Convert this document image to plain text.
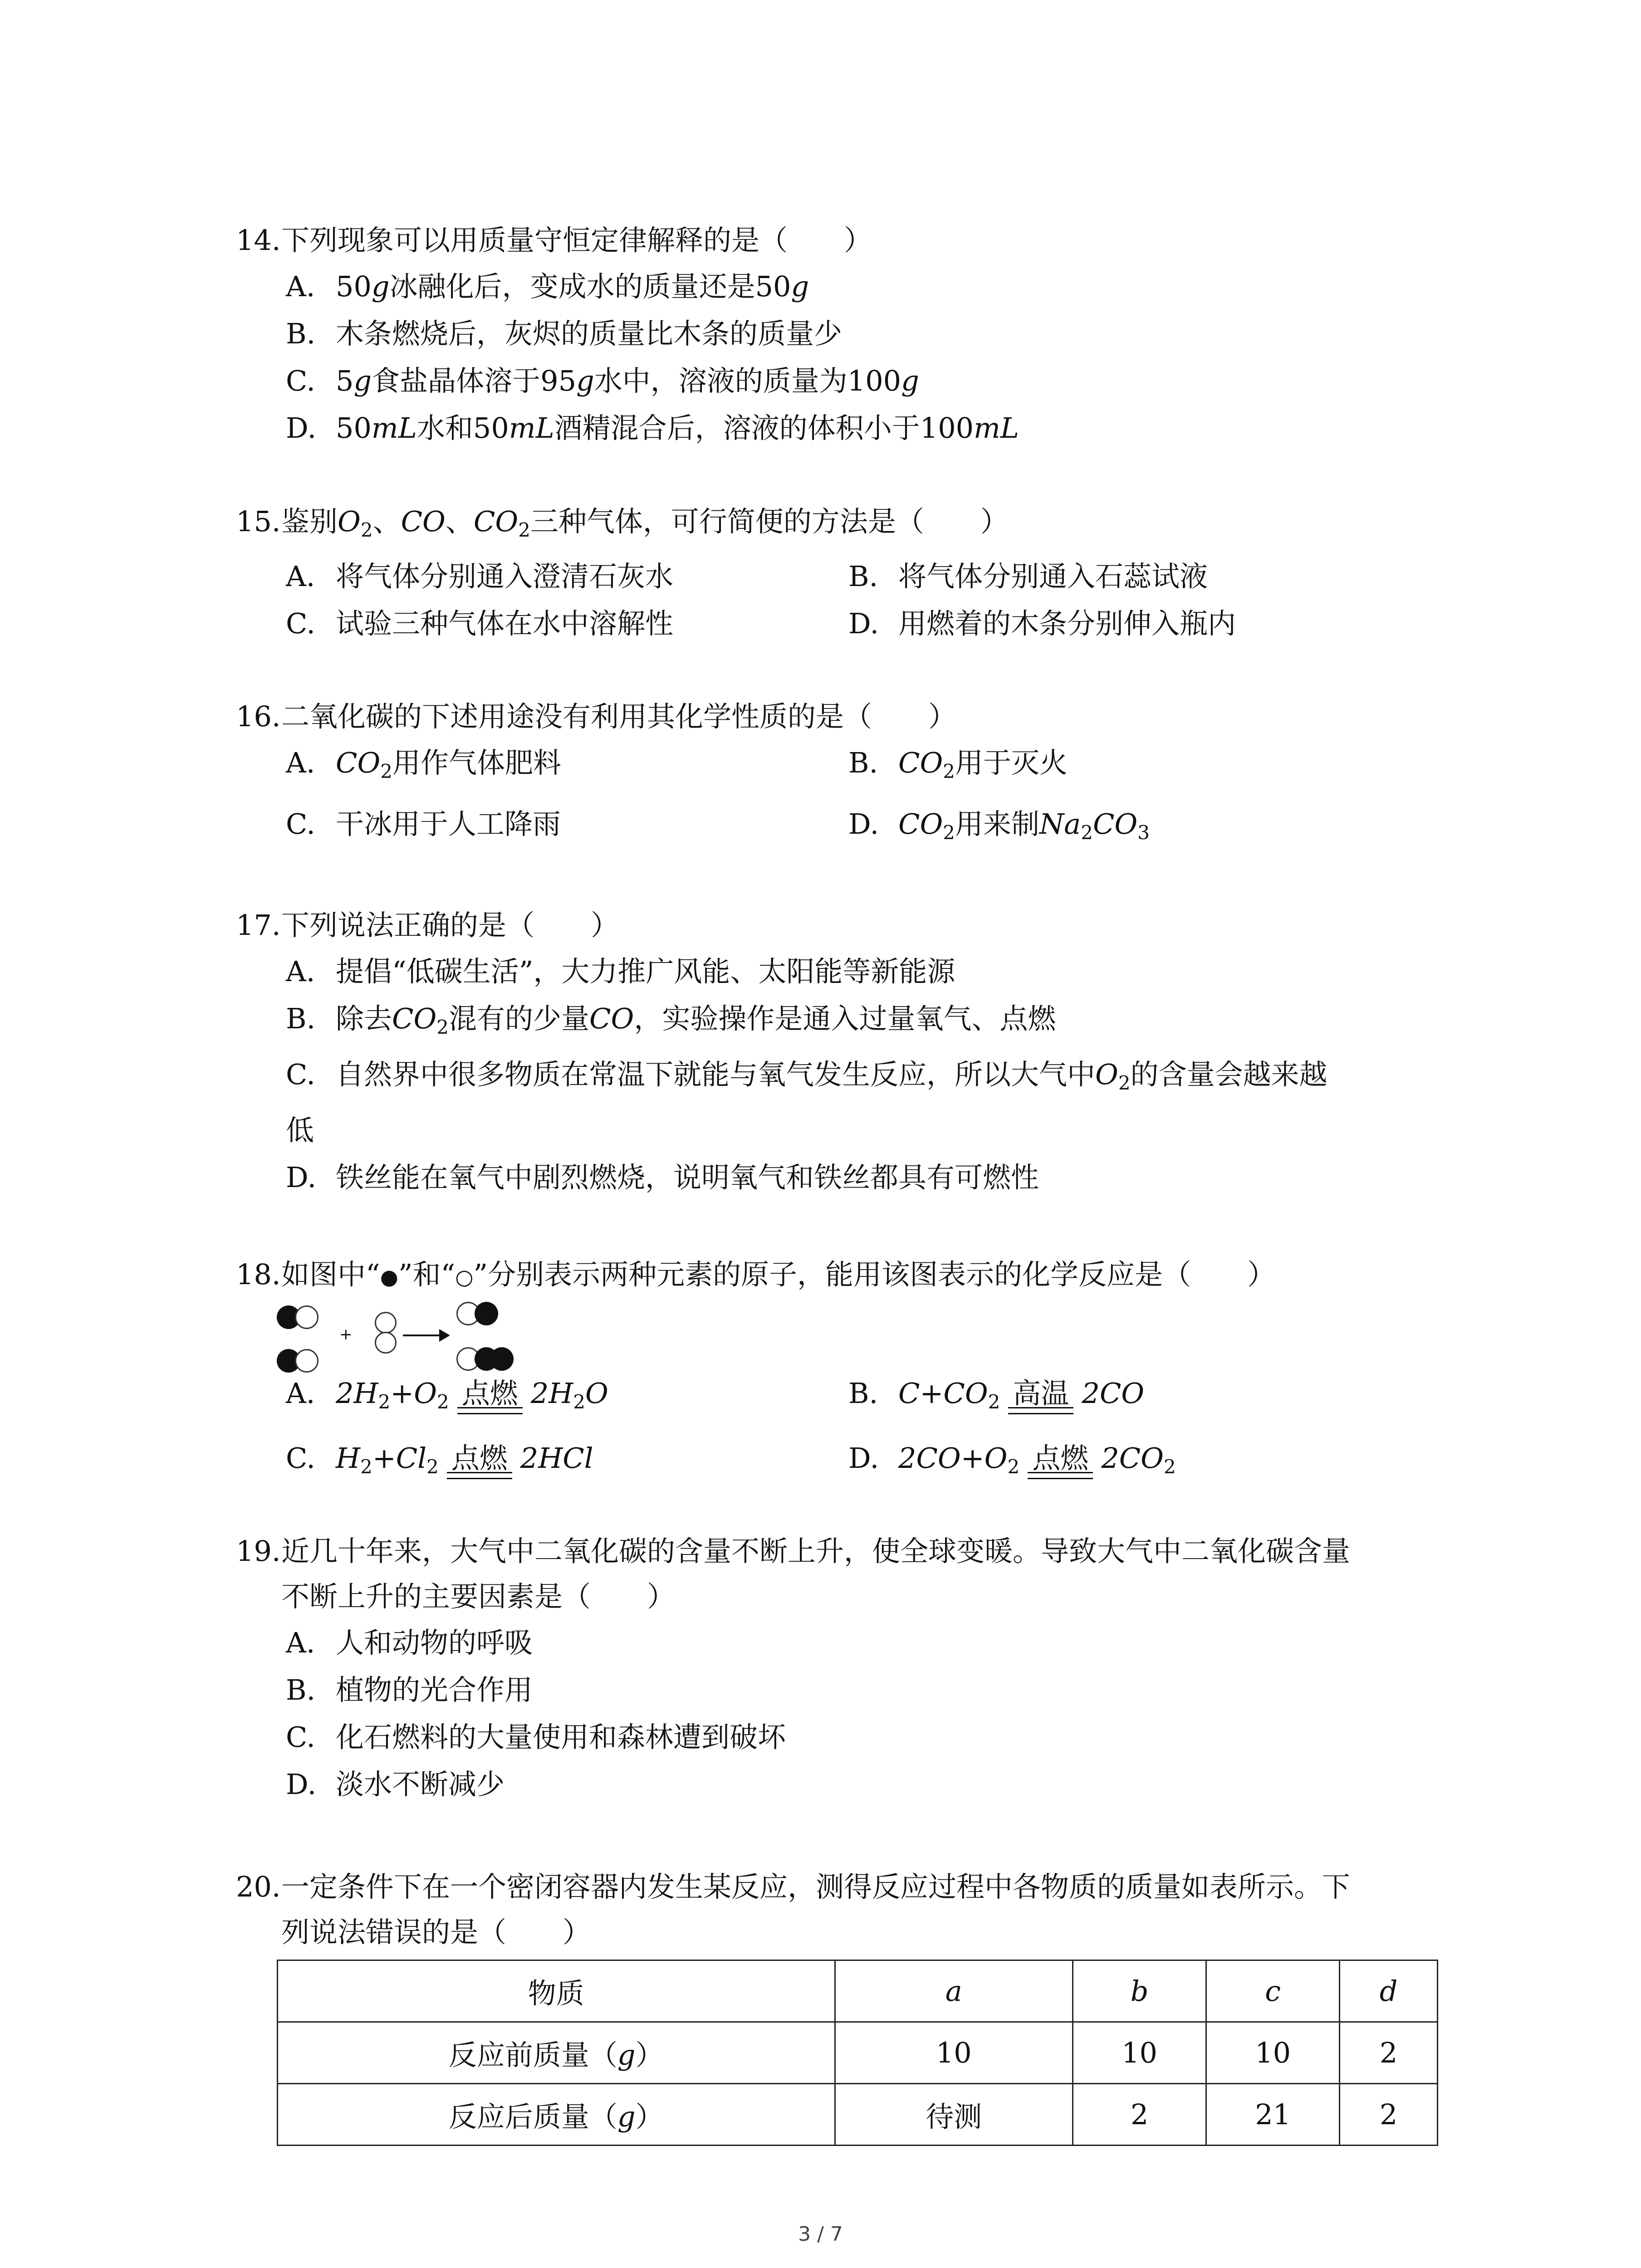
14.下列现象可以用质量守恒定律解释的是（　　）
A. 50g冰融化后，变成水的质量还是50g
B. 木条燃烧后，灰烬的质量比木条的质量少
C. 5g食盐晶体溶于95g水中，溶液的质量为100g
D. 50mL水和50mL酒精混合后，溶液的体积小于100mL
15.鉴别$O_2$、CO、$CO_2$三种气体，可行简便的方法是（　　）
A. 将气体分别通入澄清石灰水	B. 将气体分别通入石蕊试液
C. 试验三种气体在水中溶解性	D. 用燃着的木条分别伸入瓶内
16.二氧化碳的下述用途没有利用其化学性质的是（　　）
A. $CO_2$用作气体肥料	B. $CO_2$用于灭火
C. 干冰用于人工降雨	D. $CO_2$用来制$Na_2CO_3$
17.下列说法正确的是（　　）
A. 提倡“低碳生活”，大力推广风能、太阳能等新能源
B. 除去$CO_2$混有的少量CO，实验操作是通入过量氧气、点燃
C. 自然界中很多物质在常温下就能与氧气发生反应，所以大气中$O_2$的含量会越来越
低
D. 铁丝能在氧气中剧烈燃烧，说明氧气和铁丝都具有可燃性
18.如图中“●”和“○”分别表示两种元素的原子，能用该图表示的化学反应是（　　）
+
A. $2H_2+O_2$ 点燃 $2H_2O$	B. $C+CO_2$ 高温 2CO
C. $H_2+Cl_2$ 点燃 2HCl	D. $2CO+O_2$ 点燃 $2CO_2$
19.近几十年来，大气中二氧化碳的含量不断上升，使全球变暖。导致大气中二氧化碳含量
不断上升的主要因素是（　　）
A. 人和动物的呼吸
B. 植物的光合作用
C. 化石燃料的大量使用和森林遭到破坏
D. 淡水不断减少
20.一定条件下在一个密闭容器内发生某反应，测得反应过程中各物质的质量如表所示。下
列说法错误的是（　　）
物质	a	b	c	d
反应前质量（g）	10	10	10	2
反应后质量（g）	待测	2	21	2
3 / 7
